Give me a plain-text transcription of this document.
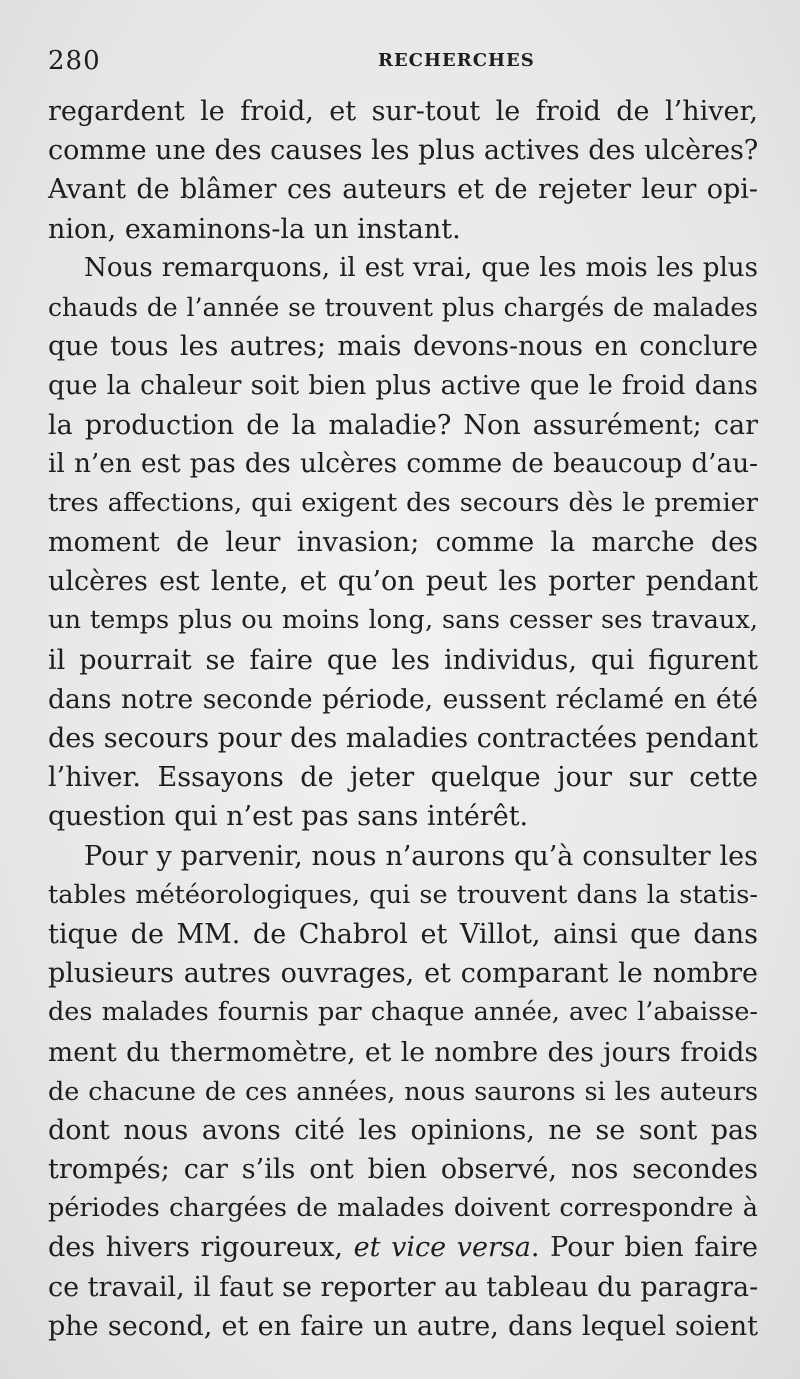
280	RECHERCHES
regardent le froid, et sur-tout le froid de l’hiver,
comme une des causes les plus actives des ulcères?
Avant de blâmer ces auteurs et de rejeter leur opi-
nion, examinons-la un instant.
Nous remarquons, il est vrai, que les mois les plus
chauds de l’année se trouvent plus chargés de malades
que tous les autres; mais devons-nous en conclure
que la chaleur soit bien plus active que le froid dans
la production de la maladie? Non assurément; car
il n’en est pas des ulcères comme de beaucoup d’au-
tres affections, qui exigent des secours dès le premier
moment de leur invasion; comme la marche des
ulcères est lente, et qu’on peut les porter pendant
un temps plus ou moins long, sans cesser ses travaux,
il pourrait se faire que les individus, qui figurent
dans notre seconde période, eussent réclamé en été
des secours pour des maladies contractées pendant
l’hiver. Essayons de jeter quelque jour sur cette
question qui n’est pas sans intérêt.
Pour y parvenir, nous n’aurons qu’à consulter les
tables météorologiques, qui se trouvent dans la statis-
tique de MM. de Chabrol et Villot, ainsi que dans
plusieurs autres ouvrages, et comparant le nombre
des malades fournis par chaque année, avec l’abaisse-
ment du thermomètre, et le nombre des jours froids
de chacune de ces années, nous saurons si les auteurs
dont nous avons cité les opinions, ne se sont pas
trompés; car s’ils ont bien observé, nos secondes
périodes chargées de malades doivent correspondre à
des hivers rigoureux, et vice versa. Pour bien faire
ce travail, il faut se reporter au tableau du paragra-
phe second, et en faire un autre, dans lequel soient
